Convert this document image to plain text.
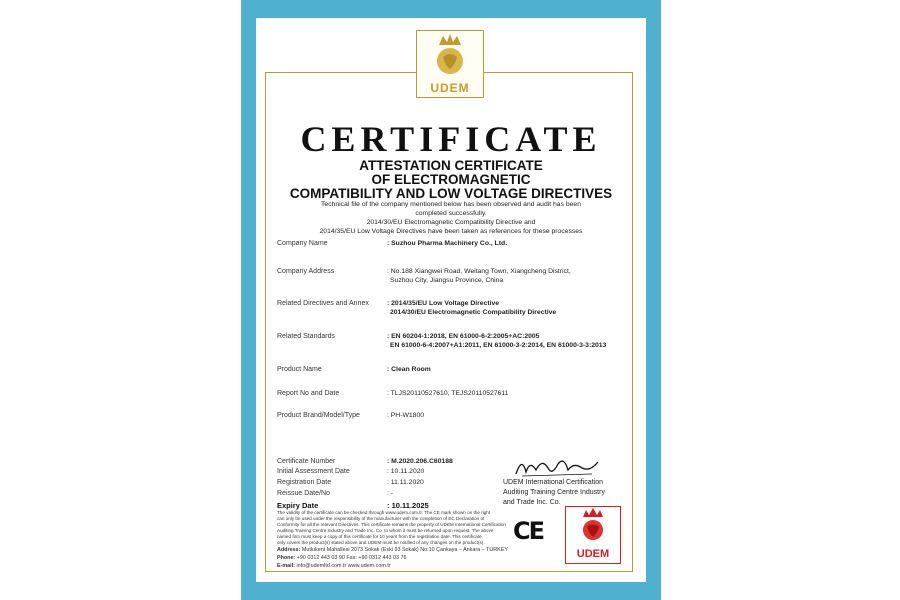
UDEM
CERTIFICATE
ATTESTATION CERTIFICATE
OF ELECTROMAGNETIC
COMPATIBILITY AND LOW VOLTAGE DIRECTIVES
Technical file of the company mentioned below has been observed and audit has been
completed successfully.
2014/30/EU Electromagnetic Compatibility Directive and
2014/35/EU Low Voltage Directives have been taken as references for these processes
Company Name	: Suzhou Pharma Machinery Co., Ltd.
Company Address	: No.188 Xiangwei Road, Weitang Town, Xiangcheng District,
Suzhou City, Jiangsu Province, China
Related Directives and Annex	: 2014/35/EU Low Voltage Directive
2014/30/EU Electromagnetic Compatibility Directive
Related Standards	: EN 60204-1:2018, EN 61000-6-2:2005+AC:2005
EN 61000-6-4:2007+A1:2011, EN 61000-3-2:2014, EN 61000-3-3:2013
Product Name	: Clean Room
Report No and Date	: TLJS20110527610, TEJS20110527611
Product Brand/Model/Type	: PH-W1800
Certificate Number	: M.2020.206.C60188
Initial Assessment Date	: 10.11.2020
Registration Date	: 11.11.2020
Reissue Date/No	: -
Expiry Date	: 10.11.2025
UDEM International Certification
Auditing Training Centre Industry
and Trade Inc. Co.
The validity of the certificate can be checked through www.udem.com.tr. The CE mark shown on the right
can only be used under the responsibility of the manufacturer with the completion of EC Declaration of
Conformity for all the relevant Directives. This certificate remains the property of UDEM International Certification
Auditing Training Centre Industry and Trade Inc. Co. to whom it must be returned upon request. The above
named firm must keep a copy of this certificate for 10 years from the registration date. This certificate
only covers the product(s) stated above and UDEM must be notified of any changes on the product(s).
Address: Mutlukent Mahallesi 2073 Sokak (Eski 93 Sokak) No:10 Çankaya – Ankara – TURKEY
Phone: +90 0312 443 03 90 Fax: +90 0312 443 03 76
E-mail: info@udemltd.com.tr www.udem.com.tr
CE
UDEM
